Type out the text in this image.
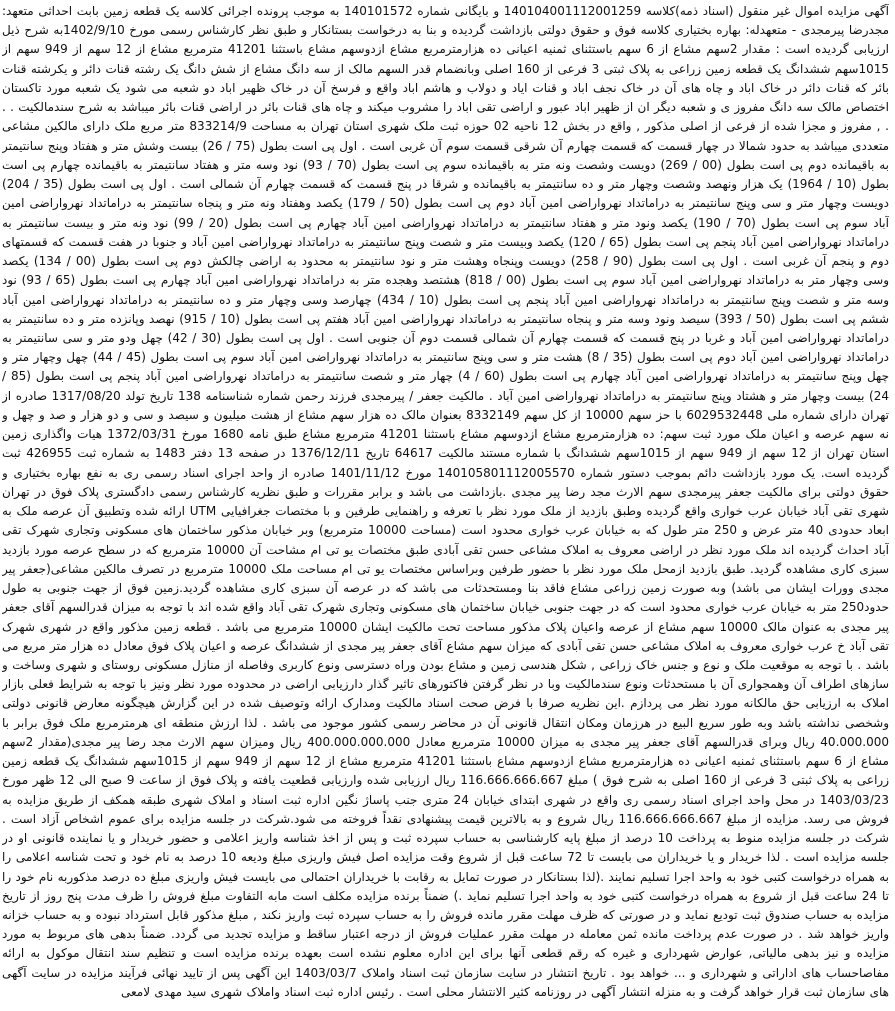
آگهی مزایده اموال غیر منقول (اسناد ذمه)کلاسه 140104001112001259 و بایگانی شماره 140101572 به موجب پرونده اجرائی کلاسه یک قطعه زمین بابت احداثی متعهد: مجدرضا پیرمجدی - متعهدله: بهاره بختیاری کلاسه فوق و حقوق دولتی بازداشت گردیده و بنا به درخواست بستانکار و طبق نظر کارشناس رسمی مورخ 1402/9/10به شرح ذیل ارزیابی گردیده است : مقدار 2سهم مشاع از 6 سهم باستثنای ثمنیه اعیانی ده هزارمترمربع مشاع ازدوسهم مشاع باستثنا 41201 مترمربع مشاع از 12 سهم از 949 سهم از 1015سهم ششدانگ یک قطعه زمین زراعی به پلاک ثبتی 3 فرعی از 160 اصلی وبانضمام قدر السهم مالک از سه دانگ مشاع از شش دانگ یک رشته قنات دائر و یکرشته قنات بائر که قنات دائر در خاک اباد و چاه های آن در خاک نجف اباد و قنات ایاد و دولاب و هاشم اباد واقع و فرسخ آن در خاک ظهیر اباد دو شعبه می شود یک شعبه مورد تاکستان اختصاص مالک سه دانگ مفروز ی و شعبه دیگر ان از ظهیر اباد عبور و اراضی تقی اباد را مشروب میکند و چاه های قنات بائر در اراضی قنات بائر میباشد به شرح سندمالکیت . . . , مفروز و مجزا شده از فرعی از اصلی مذکور , واقع در بخش 12 ناحیه 02 حوزه ثبت ملک شهری استان تهران به مساحت 833214/9 متر مربع ملک دارای مالکین مشاعی متعددی میباشد به حدود شمالا در چهار قسمت که قسمت چهارم آن شرقی قسمت سوم آن غربی است . اول پی است بطول (75 / 26) بیست وشش متر و هفتاد وپنج سانتیمتر به باقیمانده دوم پی است بطول (00 / 269) دویست وشصت ونه متر به باقیمانده سوم پی است بطول (70 / 93) نود وسه متر و هفتاد سانتیمتر به باقیمانده چهارم پی است بطول (10 / 1964) یک هزار ونهصد وشصت وچهار متر و ده سانتیمتر به باقیمانده و شرقا در پنج قسمت که قسمت چهارم آن شمالی است . اول پی است بطول (35 / 204) دویست وچهار متر و سی وپنج سانتیمتر به دراماتداد نهرواراضی امین آباد دوم پی است بطول (50 / 179) یکصد وهفتاد ونه متر و پنجاه سانتیمتر به دراماتداد نهرواراضی امین آباد سوم پی است بطول (70 / 190) یکصد ونود متر و هفتاد سانتیمتر به دراماتداد نهرواراضی امین آباد چهارم پی است بطول (20 / 99) نود ونه متر و بیست سانتیمتر به دراماتداد نهرواراضی امین آباد پنجم پی است بطول (65 / 120) یکصد وبیست متر و شصت وپنج سانتیمتر به دراماتداد نهرواراضی امین آباد و جنوبا در هفت قسمت که قسمتهای دوم و پنجم آن غربی است . اول پی است بطول (90 / 258) دویست وپنجاه وهشت متر و نود سانتیمتر به محدود به اراضی چالکش دوم پی است بطول (00 / 134) یکصد وسی وچهار متر به دراماتداد نهرواراضی امین آباد سوم پی است بطول (00 / 818) هشتصد وهجده متر به دراماتداد نهرواراضی امین آباد چهارم پی است بطول (65 / 93) نود وسه متر و شصت وپنج سانتیمتر به دراماتداد نهرواراضی امین آباد پنجم پی است بطول (10 / 434) چهارصد وسی وچهار متر و ده سانتیمتر به دراماتداد نهرواراضی امین آباد ششم پی است بطول (50 / 393) سیصد ونود وسه متر و پنجاه سانتیمتر به دراماتداد نهرواراضی امین آباد هفتم پی است بطول (10 / 915) نهصد وپانزده متر و ده سانتیمتر به دراماتداد نهرواراضی امین آباد و غربا در پنج قسمت که قسمت چهارم آن شمالی قسمت دوم آن جنوبی است . اول پی است بطول (30 / 42) چهل ودو متر و سی سانتیمتر به دراماتداد نهرواراضی امین آباد دوم پی است بطول (35 / 8) هشت متر و سی وپنج سانتیمتر به دراماتداد نهرواراضی امین آباد سوم پی است بطول (45 / 44) چهل وچهار متر و چهل وپنج سانتیمتر به دراماتداد نهرواراضی امین آباد چهارم پی است بطول (60 / 4) چهار متر و شصت سانتیمتر به دراماتداد نهرواراضی امین آباد پنجم پی است بطول (85 / 24) بیست وچهار متر و هشتاد وپنج سانتیمتر به دراماتداد نهرواراضی امین آباد . مالکیت جعفر / پیرمجدی فرزند رحمن شماره شناسنامه 138 تاریخ تولد 1317/08/20 صادره از تهران دارای شماره ملی 6029532448 با حز سهم 10000 از کل سهم 8332149 بعنوان مالک ده هزار سهم مشاع از هشت میلیون و سیصد و سی و دو هزار و صد و چهل و نه سهم عرصه و اعیان ملک مورد ثبت سهم: ده هزارمترمربع مشاع ازدوسهم مشاع باستثنا 41201 مترمربع مشاع طبق نامه 1680 مورخ 1372/03/31 هیات واگذاری زمین استان تهران از 12 سهم از 949 سهم از 1015سهم ششدانگ با شماره مستند مالکیت 64617 تاریخ 1376/12/11 در صفحه 13 دفتر 1483 به شماره ثبت 426955 ثبت گردیده است. یک مورد بازداشت دائم بموجب دستور شماره 140105801112005570 مورخ 1401/11/12 صادره از واحد اجرای اسناد رسمی ری به نفع بهاره بختیاری و حقوق دولتی برای مالکیت جعفر پیرمجدی سهم الارث مجد رضا پیر مجدی .بازداشت می باشد و برابر مقررات و طبق نظریه کارشناس رسمی دادگستری پلاک فوق در تهران شهری تقی آباد خیابان عرب خواری واقع گردیده وطبق بازدید از ملک مورد نظر با تعرفه و راهنمایی طرفین و با مختصات جغرافیایی UTM ارائه شده وتطبیق آن عرصه ملک به ابعاد حدودی 40 متر عرض و 250 متر طول که به خیابان عرب خواری محدود است (مساحت 10000 مترمربع) وبر خیابان مذکور ساختمان های مسکونی وتجاری شهرک تقی آباد احداث گردیده اند ملک مورد نظر در اراضی معروف به املاک مشاعی حسن تقی آبادی طبق مختصات یو تی ام مشاحت آن 10000 مترمربع که در سطح عرصه مورد بازدید سبزی کاری مشاهده گردید. طبق بازدید ازمحل ملک مورد نظر با حضور طرفین وبراساس مختصات یو تی ام مساحت ملک 10000 مترمربع در تصرف مالکین مشاعی(جعفر پیر مجدی وورات ایشان می باشد) وبه صورت زمین زراعی مشاع فاقد بنا ومستحدثات می باشد که در عرصه آن سبزی کاری مشاهده گردید.زمین فوق از جهت جنوبی به طول حدود250 متر به خیابان عرب خواری محدود است که در جهت جنوبی خیابان ساختمان های مسکونی وتجاری شهرک تقی آباد واقع شده اند با توجه به میزان قدرالسهم آقای جعفر پیر مجدی به عنوان مالک 10000 سهم مشاع از عرصه واعیان پلاک مذکور مساحت تحت مالکیت ایشان 10000 مترمربع می باشد . قطعه زمین مذکور واقع در شهری شهرک تقی آباد خ عرب خواری معروف به املاک مشاعی حسن تقی آبادی که میزان سهم مشاع آقای جعفر پیر مجدی از ششدانگ عرصه و اعیان پلاک فوق معادل ده هزار متر مربع می باشد . با توجه به موقعیت ملک و نوع و جنس خاک زراعی , شکل هندسی زمین و مشاع بودن وراه دسترسی ونوع کاربری وفاصله از منازل مسکونی روستای و شهری وساخت و سازهای اطراف آن وهمجواری آن با مستحدثات ونوع سندمالکیت وبا در نظر گرفتن فاکتورهای تاثیر گذار دارزیابی اراضی در محدوده مورد نظر ونیز با توجه به شرایط فعلی بازار املاک به ارزیابی حق مالکانه مورد نظر می پردازم .این نظریه صرفا با فرض صحت اسناد مالکیت ومدارک ارائه وتوصیف شده در این گزارش هیچگونه معارض قانونی دولتی وشخصی نداشته باشد وبه طور سریع البیع در هرزمان ومکان انتقال قانونی آن در محاضر رسمی کشور موجود می باشد . لذا ارزش منطقه ای هرمترمربع ملک فوق برابر با 40.000.000 ریال وبرای قدرالسهم آقای جعفر پیر مجدی به میزان 10000 مترمربع معادل 400.000.000.000 ریال ومیزان سهم الارث مجد رضا پیر مجدی(مقدار 2سهم مشاع از 6 سهم باستثنای ثمنیه اعیانی ده هزارمترمربع مشاع ازدوسهم مشاع باستثنا 41201 مترمربع مشاع از 12 سهم از 949 سهم از 1015سهم ششدانگ یک قطعه زمین زراعی به پلاک ثبتی 3 فرعی از 160 اصلی به شرح فوق ) مبلغ 116.666.666.667 ریال ارزیابی شده وارزیابی قطعیت یافته و پلاک فوق از ساعت 9 صبح الی 12 ظهر مورخ 1403/03/23 در محل واحد اجرای اسناد رسمی ری واقع در شهری ابتدای خیابان 24 متری جنب پاساژ نگین اداره ثبت اسناد و املاک شهری طبقه همکف از طریق مزایده به فروش می رسد. مزایده از مبلغ 116.666.666.667 ریال شروع و به بالاترین قیمت پیشنهادی نقداً فروخته می شود.شرکت در جلسه مزایده برای عموم اشخاص آزاد است . شرکت در جلسه مزایده منوط به پرداخت 10 درصد از مبلغ پایه کارشناسی به حساب سپرده ثبت و پس از اخذ شناسه واریز اعلامی و حضور خریدار و یا نماینده قانونی او در جلسه مزایده است . لذا خریدار و یا خریداران می بایست تا 72 ساعت قبل از شروع وقت مزایده اصل فیش واریزی مبلغ ودیعه 10 درصد به نام خود و تحت شناسه اعلامی را به همراه درخواست کتبی خود به واحد اجرا تسلیم نمایند .(لذا بستانکار در صورت تمایل به رقابت با خریداران احتمالی می بایست فیش واریزی مبلغ ده درصد مذکوربه نام خود را تا 24 ساعت قبل از شروع به همراه درخواست کتبی خود به واحد اجرا تسلیم نماید .) ضمناً برنده مزایده مکلف است مابه التفاوت مبلغ فروش را ظرف مدت پنج روز از تاریخ مزایده به حساب صندوق ثبت تودیع نماید و در صورتی که ظرف مهلت مقرر مانده فروش را به حساب سپرده ثبت واریز نکند , مبلغ مذکور قابل استرداد نبوده و به حساب خزانه واریز خواهد شد . در صورت عدم پرداخت مانده ثمن معامله در مهلت مقرر عملیات فروش از درجه اعتبار ساقط و مزایده تجدید می گردد. ضمناً بدهی های مربوط به مورد مزایده و نیز بدهی مالیاتی, عوارض شهرداری و غیره که رقم قطعی آنها برای این اداره معلوم نشده است بعهده برنده مزایده است و تنظیم سند انتقال موکول به ارائه مفاصاحساب های اداراتی و شهرداری و ... خواهد بود . تاریخ انتشار در سایت سازمان ثبت اسناد واملاک 1403/03/7 این آگهی پس از تایید نهائی فرآیند مزایده در سایت آگهی های سازمان ثبت قرار خواهد گرفت و به منزله انتشار آگهی در روزنامه کثیر الانتشار محلی است . رئیس اداره ثبت اسناد واملاک شهری سید مهدی لامعی
